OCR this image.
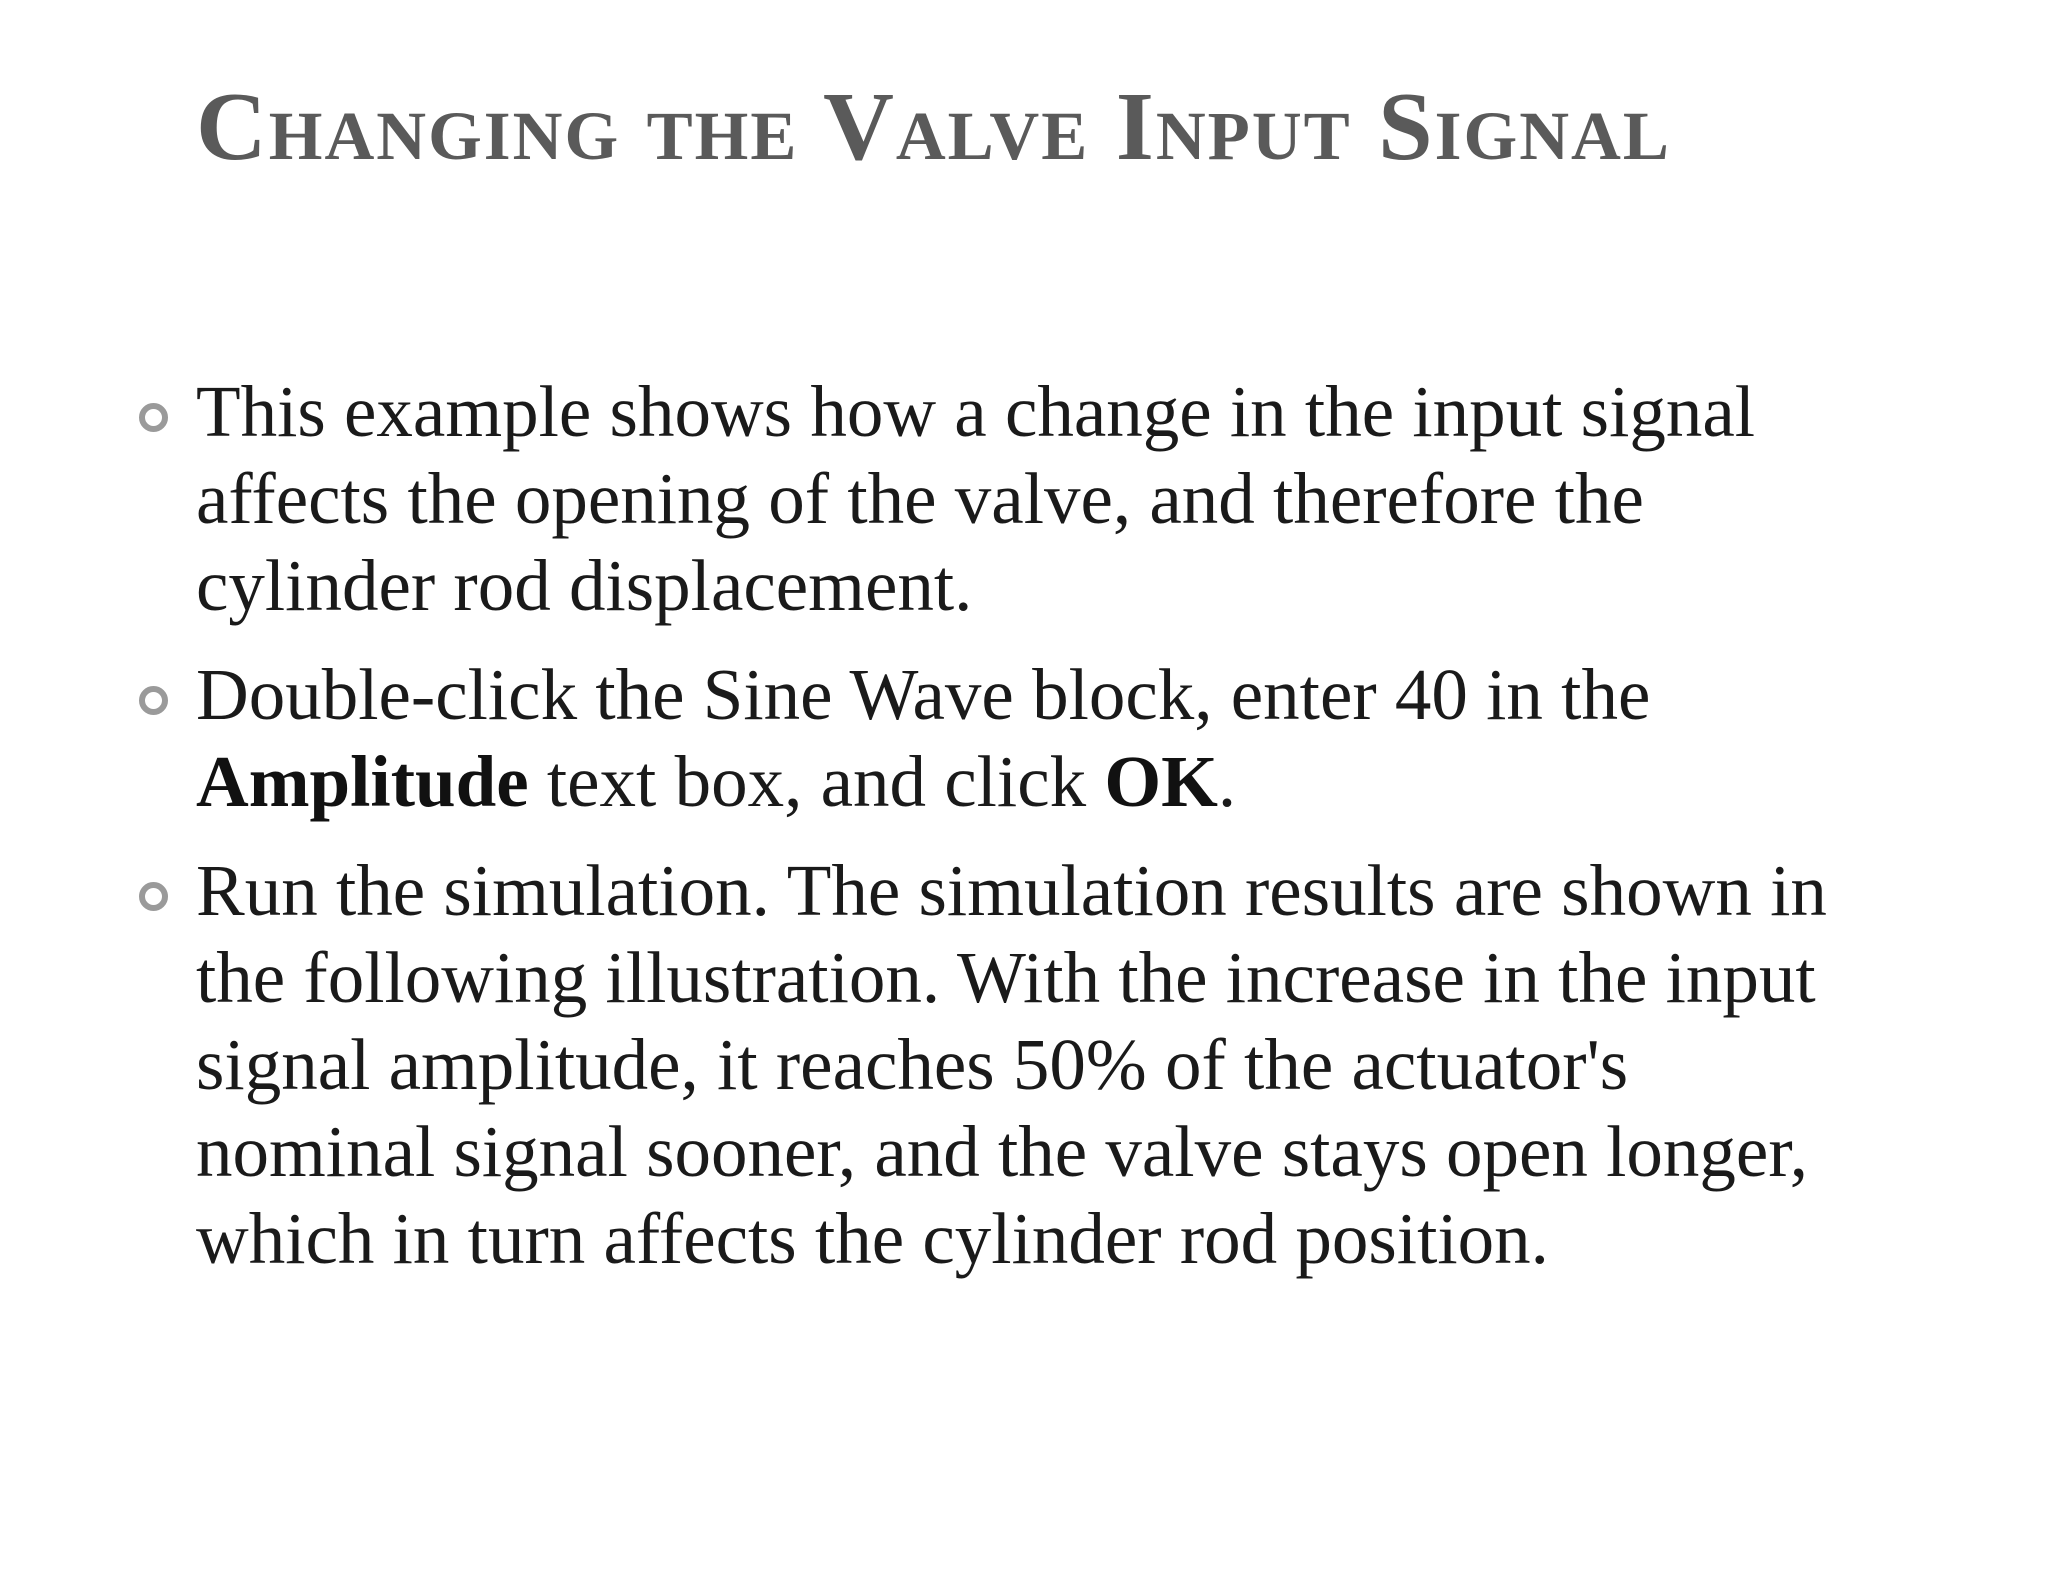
Changing the Valve Input Signal
This example shows how a change in the input signal affects the opening of the valve, and therefore the cylinder rod displacement.
Double-click the Sine Wave block, enter 40 in the Amplitude text box, and click OK.
Run the simulation. The simulation results are shown in the following illustration. With the increase in the input signal amplitude, it reaches 50% of the actuator's nominal signal sooner, and the valve stays open longer, which in turn affects the cylinder rod position.
